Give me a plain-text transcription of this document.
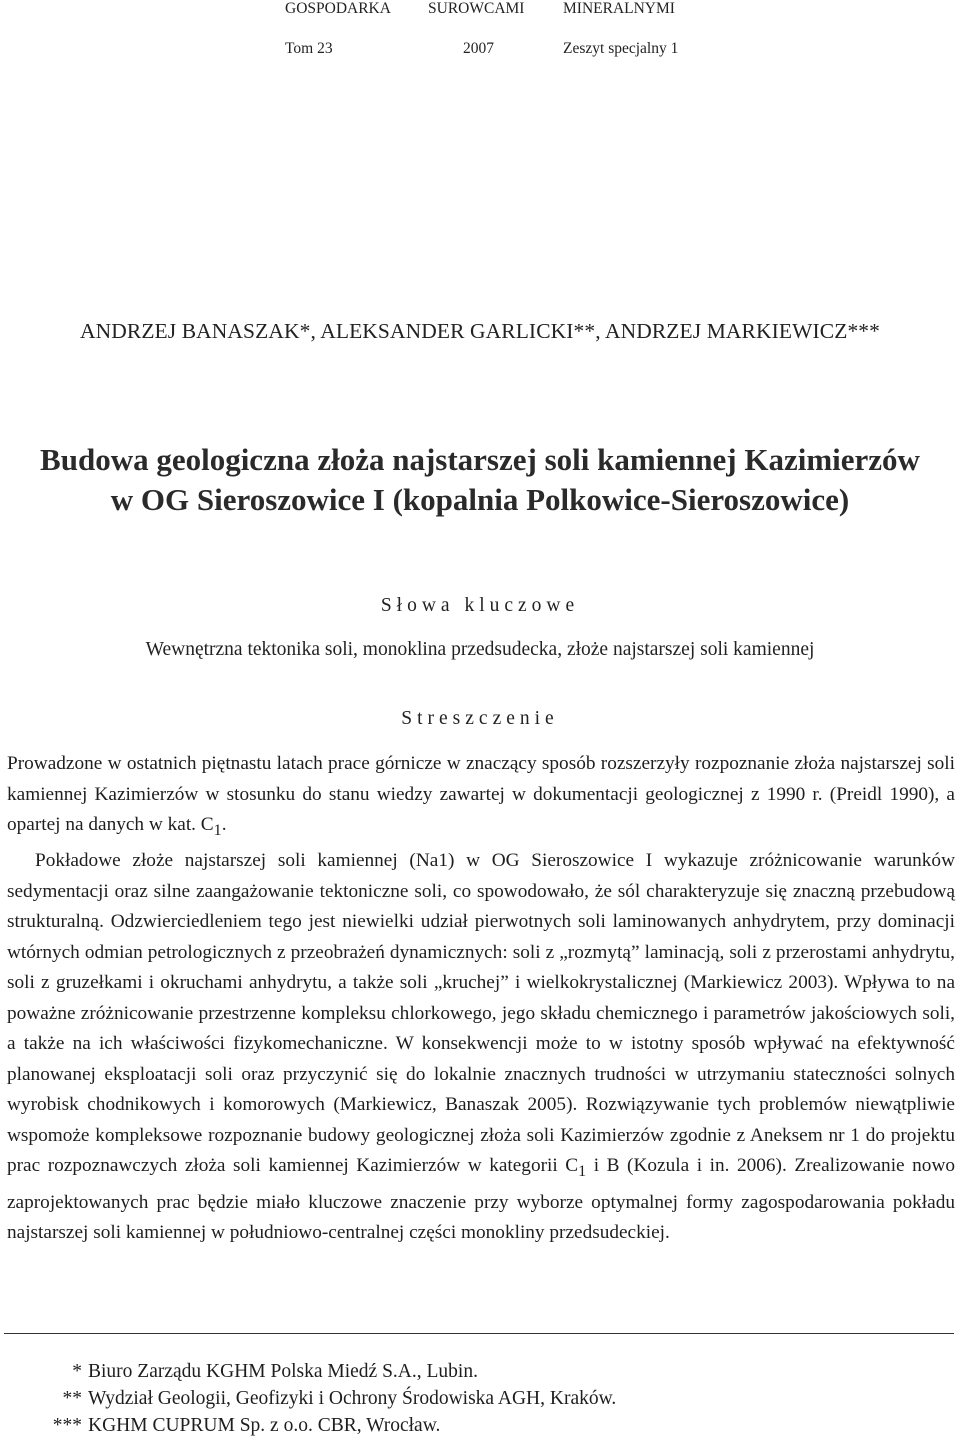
GOSPODARKA SUROWCAMI MINERALNYMI
Tom 23	2007	Zeszyt specjalny 1
ANDRZEJ BANASZAK*, ALEKSANDER GARLICKI**, ANDRZEJ MARKIEWICZ***
Budowa geologiczna złoża najstarszej soli kamiennej Kazimierzów
w OG Sieroszowice I (kopalnia Polkowice-Sieroszowice)
Słowa kluczowe
Wewnętrzna tektonika soli, monoklina przedsudecka, złoże najstarszej soli kamiennej
Streszczenie

Prowadzone w ostatnich piętnastu latach prace górnicze w znaczący sposób rozszerzyły rozpoznanie złoża najstarszej soli kamiennej Kazimierzów w stosunku do stanu wiedzy zawartej w dokumentacji geologicznej z 1990 r. (Preidl 1990), a opartej na danych w kat. $C_1$.

Pokładowe złoże najstarszej soli kamiennej (Na1) w OG Sieroszowice I wykazuje zróżnicowanie warunków sedymentacji oraz silne zaangażowanie tektoniczne soli, co spowodowało, że sól charakteryzuje się znaczną przebudową strukturalną. Odzwierciedleniem tego jest niewielki udział pierwotnych soli laminowanych anhydrytem, przy dominacji wtórnych odmian petrologicznych z przeobrażeń dynamicznych: soli z „rozmytą” laminacją, soli z przerostami anhydrytu, soli z gruzełkami i okruchami anhydrytu, a także soli „kruchej” i wielkokrystalicznej (Markiewicz 2003). Wpływa to na poważne zróżnicowanie przestrzenne kompleksu chlorkowego, jego składu chemicznego i parametrów jakościowych soli, a także na ich właściwości fizykomechaniczne. W konsekwencji może to w istotny sposób wpływać na efektywność planowanej eksploatacji soli oraz przyczynić się do lokalnie znacznych trudności w utrzymaniu stateczności solnych wyrobisk chodnikowych i komorowych (Markiewicz, Banaszak 2005). Rozwiązywanie tych problemów niewątpliwie wspomoże kompleksowe rozpoznanie budowy geologicznej złoża soli Kazimierzów zgodnie z Aneksem nr 1 do projektu prac rozpoznawczych złoża soli kamiennej Kazimierzów w kategorii $C_1$ i B (Kozula i in. 2006). Zrealizowanie nowo zaprojektowanych prac będzie miało kluczowe znaczenie przy wyborze optymalnej formy zagospodarowania pokładu najstarszej soli kamiennej w południowo-centralnej części monokliny przedsudeckiej.

* Biuro Zarządu KGHM Polska Miedź S.A., Lubin.
** Wydział Geologii, Geofizyki i Ochrony Środowiska AGH, Kraków.
*** KGHM CUPRUM Sp. z o.o. CBR, Wrocław.
